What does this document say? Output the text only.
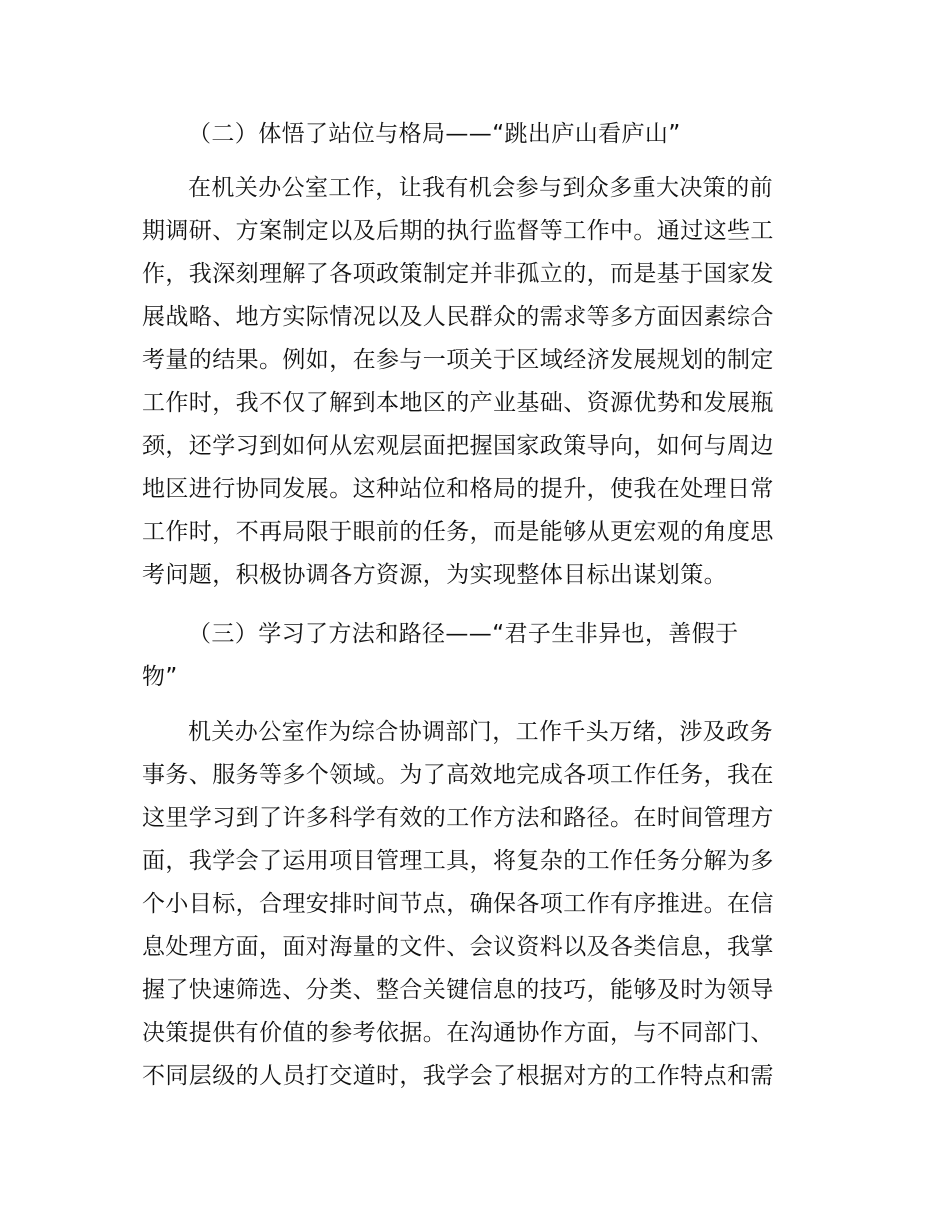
（二）体悟了站位与格局——“跳出庐山看庐山”
在机关办公室工作，让我有机会参与到众多重大决策的前
期调研、方案制定以及后期的执行监督等工作中。通过这些工
作，我深刻理解了各项政策制定并非孤立的，而是基于国家发
展战略、地方实际情况以及人民群众的需求等多方面因素综合
考量的结果。例如，在参与一项关于区域经济发展规划的制定
工作时，我不仅了解到本地区的产业基础、资源优势和发展瓶
颈，还学习到如何从宏观层面把握国家政策导向，如何与周边
地区进行协同发展。这种站位和格局的提升，使我在处理日常
工作时，不再局限于眼前的任务，而是能够从更宏观的角度思
考问题，积极协调各方资源，为实现整体目标出谋划策。
（三）学习了方法和路径——“君子生非异也，善假于
物”
机关办公室作为综合协调部门，工作千头万绪，涉及政务
事务、服务等多个领域。为了高效地完成各项工作任务，我在
这里学习到了许多科学有效的工作方法和路径。在时间管理方
面，我学会了运用项目管理工具，将复杂的工作任务分解为多
个小目标，合理安排时间节点，确保各项工作有序推进。在信
息处理方面，面对海量的文件、会议资料以及各类信息，我掌
握了快速筛选、分类、整合关键信息的技巧，能够及时为领导
决策提供有价值的参考依据。在沟通协作方面，与不同部门、
不同层级的人员打交道时，我学会了根据对方的工作特点和需
